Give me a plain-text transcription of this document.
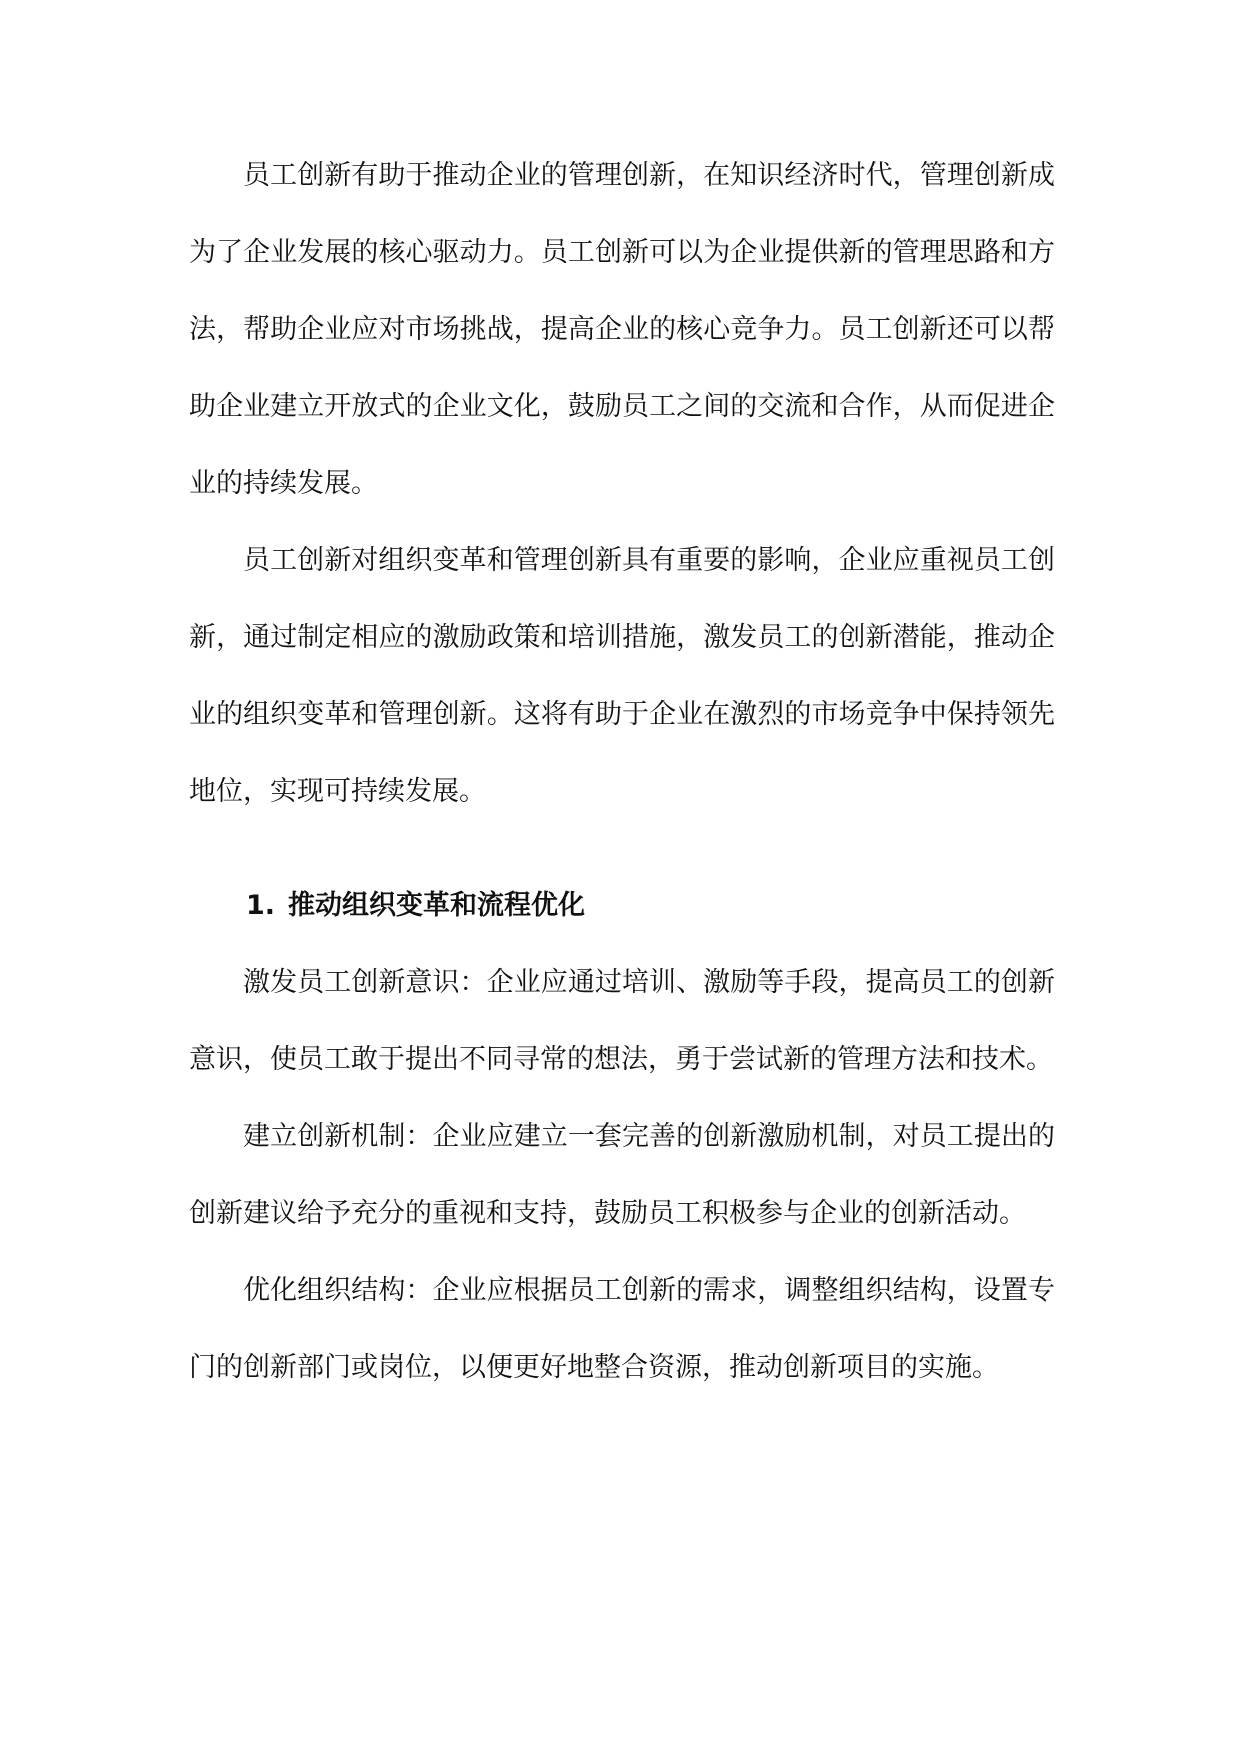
员工创新有助于推动企业的管理创新，在知识经济时代，管理创新成为了企业发展的核心驱动力。员工创新可以为企业提供新的管理思路和方法，帮助企业应对市场挑战，提高企业的核心竞争力。员工创新还可以帮助企业建立开放式的企业文化，鼓励员工之间的交流和合作，从而促进企业的持续发展。

员工创新对组织变革和管理创新具有重要的影响，企业应重视员工创新，通过制定相应的激励政策和培训措施，激发员工的创新潜能，推动企业的组织变革和管理创新。这将有助于企业在激烈的市场竞争中保持领先地位，实现可持续发展。

1. 推动组织变革和流程优化

激发员工创新意识：企业应通过培训、激励等手段，提高员工的创新意识，使员工敢于提出不同寻常的想法，勇于尝试新的管理方法和技术。

建立创新机制：企业应建立一套完善的创新激励机制，对员工提出的创新建议给予充分的重视和支持，鼓励员工积极参与企业的创新活动。

优化组织结构：企业应根据员工创新的需求，调整组织结构，设置专门的创新部门或岗位，以便更好地整合资源，推动创新项目的实施。
